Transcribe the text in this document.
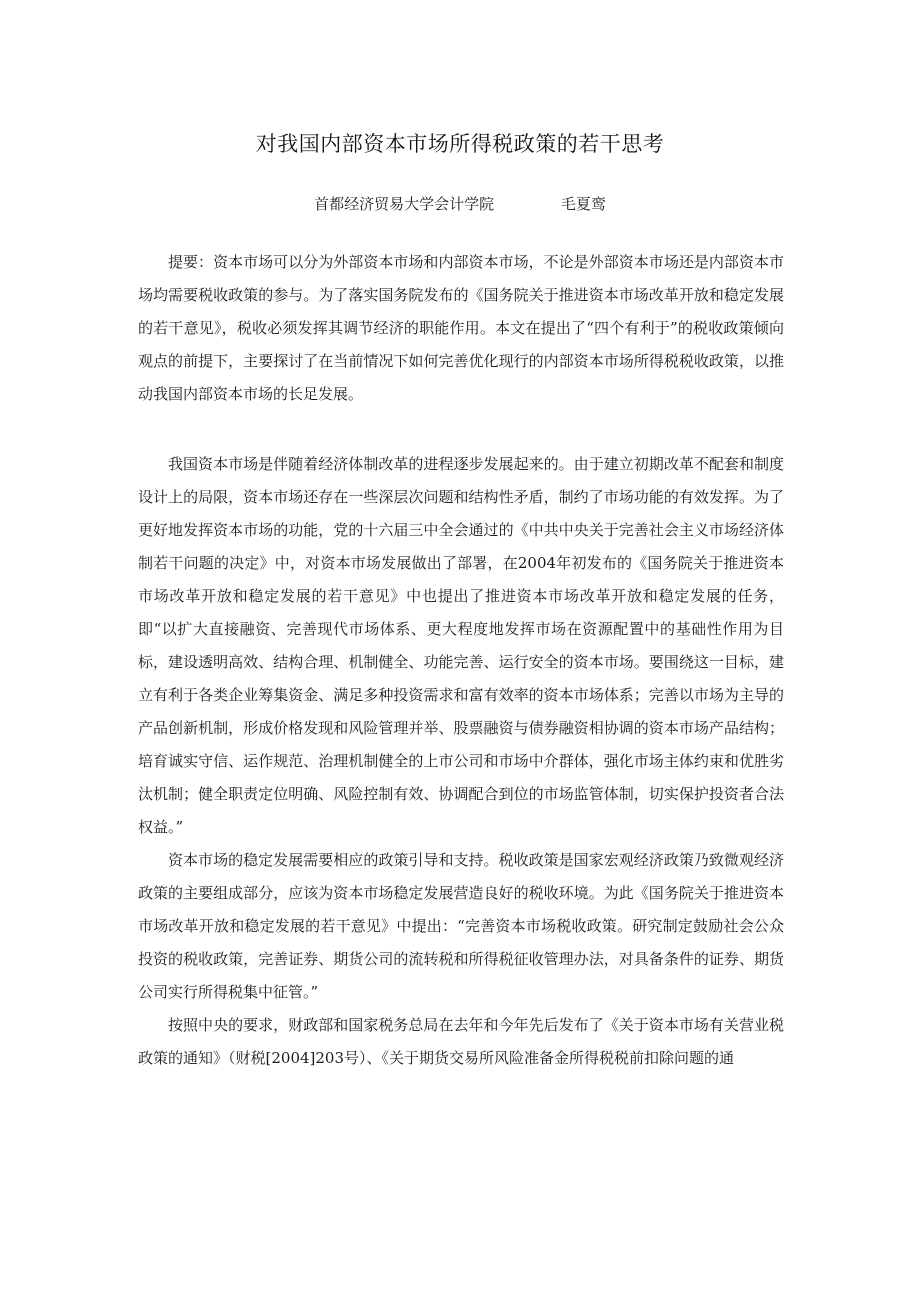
对我国内部资本市场所得税政策的若干思考
首都经济贸易大学会计学院	毛夏鸾

提要：资本市场可以分为外部资本市场和内部资本市场，不论是外部资本市场还是内部资本市场均需要税收政策的参与。为了落实国务院发布的《国务院关于推进资本市场改革开放和稳定发展的若干意见》，税收必须发挥其调节经济的职能作用。本文在提出了“四个有利于”的税收政策倾向观点的前提下，主要探讨了在当前情况下如何完善优化现行的内部资本市场所得税税收政策，以推动我国内部资本市场的长足发展。

我国资本市场是伴随着经济体制改革的进程逐步发展起来的。由于建立初期改革不配套和制度设计上的局限，资本市场还存在一些深层次问题和结构性矛盾，制约了市场功能的有效发挥。为了更好地发挥资本市场的功能，党的十六届三中全会通过的《中共中央关于完善社会主义市场经济体制若干问题的决定》中，对资本市场发展做出了部署，在2004年初发布的《国务院关于推进资本市场改革开放和稳定发展的若干意见》中也提出了推进资本市场改革开放和稳定发展的任务，即“以扩大直接融资、完善现代市场体系、更大程度地发挥市场在资源配置中的基础性作用为目标，建设透明高效、结构合理、机制健全、功能完善、运行安全的资本市场。要围绕这一目标，建立有利于各类企业筹集资金、满足多种投资需求和富有效率的资本市场体系；完善以市场为主导的产品创新机制，形成价格发现和风险管理并举、股票融资与债券融资相协调的资本市场产品结构；培育诚实守信、运作规范、治理机制健全的上市公司和市场中介群体，强化市场主体约束和优胜劣汰机制；健全职责定位明确、风险控制有效、协调配合到位的市场监管体制，切实保护投资者合法权益。”

资本市场的稳定发展需要相应的政策引导和支持。税收政策是国家宏观经济政策乃致微观经济政策的主要组成部分，应该为资本市场稳定发展营造良好的税收环境。为此《国务院关于推进资本市场改革开放和稳定发展的若干意见》中提出：“完善资本市场税收政策。研究制定鼓励社会公众投资的税收政策，完善证券、期货公司的流转税和所得税征收管理办法，对具备条件的证券、期货公司实行所得税集中征管。”

按照中央的要求，财政部和国家税务总局在去年和今年先后发布了《关于资本市场有关营业税政策的通知》（财税[2004]203号）、《关于期货交易所风险准备金所得税税前扣除问题的通
